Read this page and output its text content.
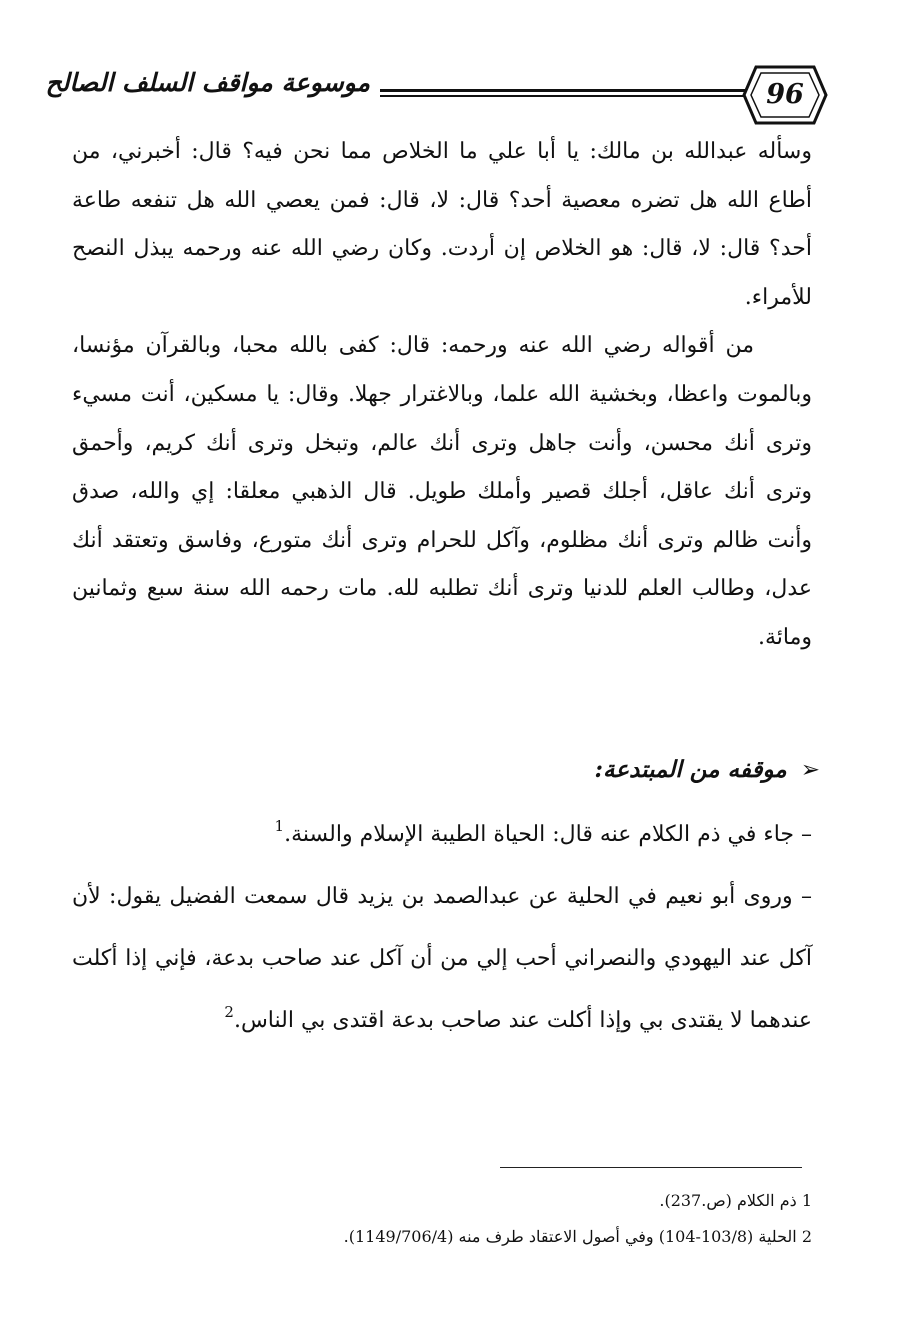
موسوعة مواقف السلف الصالح	96

وسأله عبدالله بن مالك: يا أبا علي ما الخلاص مما نحن فيه؟ قال: أخبرني، من أطاع الله هل تضره معصية أحد؟ قال: لا، قال: فمن يعصي الله هل تنفعه طاعة أحد؟ قال: لا، قال: هو الخلاص إن أردت. وكان رضي الله عنه ورحمه يبذل النصح للأمراء.

من أقواله رضي الله عنه ورحمه: قال: كفى بالله محبا، وبالقرآن مؤنسا، وبالموت واعظا، وبخشية الله علما، وبالاغترار جهلا. وقال: يا مسكين، أنت مسيء وترى أنك محسن، وأنت جاهل وترى أنك عالم، وتبخل وترى أنك كريم، وأحمق وترى أنك عاقل، أجلك قصير وأملك طويل. قال الذهبي معلقا: إي والله، صدق وأنت ظالم وترى أنك مظلوم، وآكل للحرام وترى أنك متورع، وفاسق وتعتقد أنك عدل، وطالب العلم للدنيا وترى أنك تطلبه لله. مات رحمه الله سنة سبع وثمانين ومائة.

➢موقفه من المبتدعة:

– جاء في ذم الكلام عنه قال: الحياة الطيبة الإسلام والسنة.$^1$

– وروى أبو نعيم في الحلية عن عبدالصمد بن يزيد قال سمعت الفضيل يقول: لأن آكل عند اليهودي والنصراني أحب إلي من أن آكل عند صاحب بدعة، فإني إذا أكلت عندهما لا يقتدى بي وإذا أكلت عند صاحب بدعة اقتدى بي الناس.$^2$

1 ذم الكلام (ص.237).

2 الحلية (103/8-104) وفي أصول الاعتقاد طرف منه (1149/706/4).
